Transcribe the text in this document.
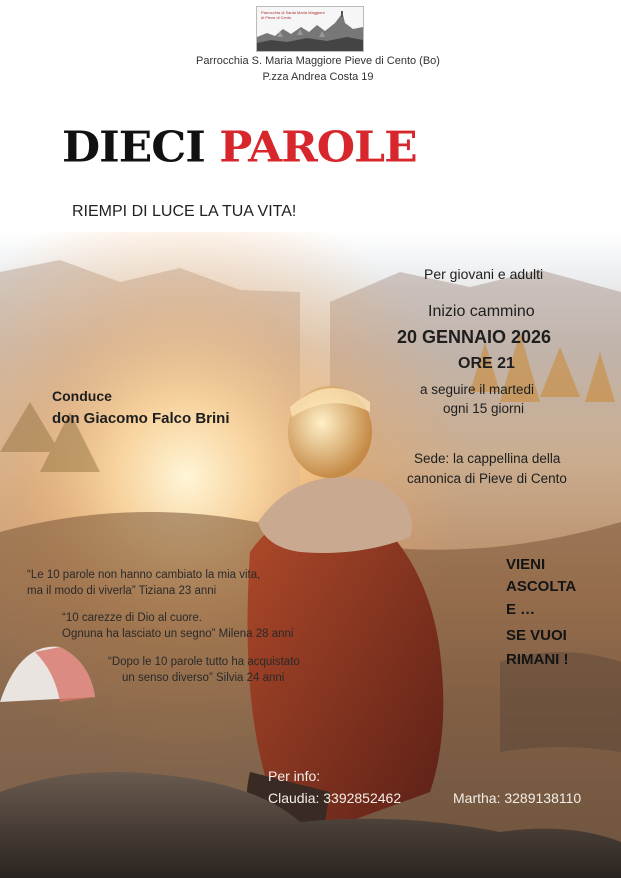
Parrocchia di Santa Maria Maggiore
di Pieve di Cento
Parrocchia S. Maria Maggiore Pieve di Cento (Bo)
P.zza Andrea Costa 19
DIECI PAROLE
RIEMPI DI LUCE LA TUA VITA!
Per giovani e adulti
Inizio cammino
20 GENNAIO 2026
ORE 21
a seguire il martedi
ogni 15 giorni
Sede: la cappellina della
canonica di Pieve di Cento
Conduce
don Giacomo Falco Brini
“Le 10 parole non hanno cambiato la mia vita,
ma il modo di viverla” Tiziana 23 anni
“10 carezze di Dio al cuore.
Ognuna ha lasciato un segno” Milena 28 anni
“Dopo le 10 parole tutto ha acquistato
un senso diverso” Silvia 24 anni
VIENI
ASCOLTA
E …
SE VUOI
RIMANI !
Per info:
Claudia: 3392852462	Martha: 3289138110
